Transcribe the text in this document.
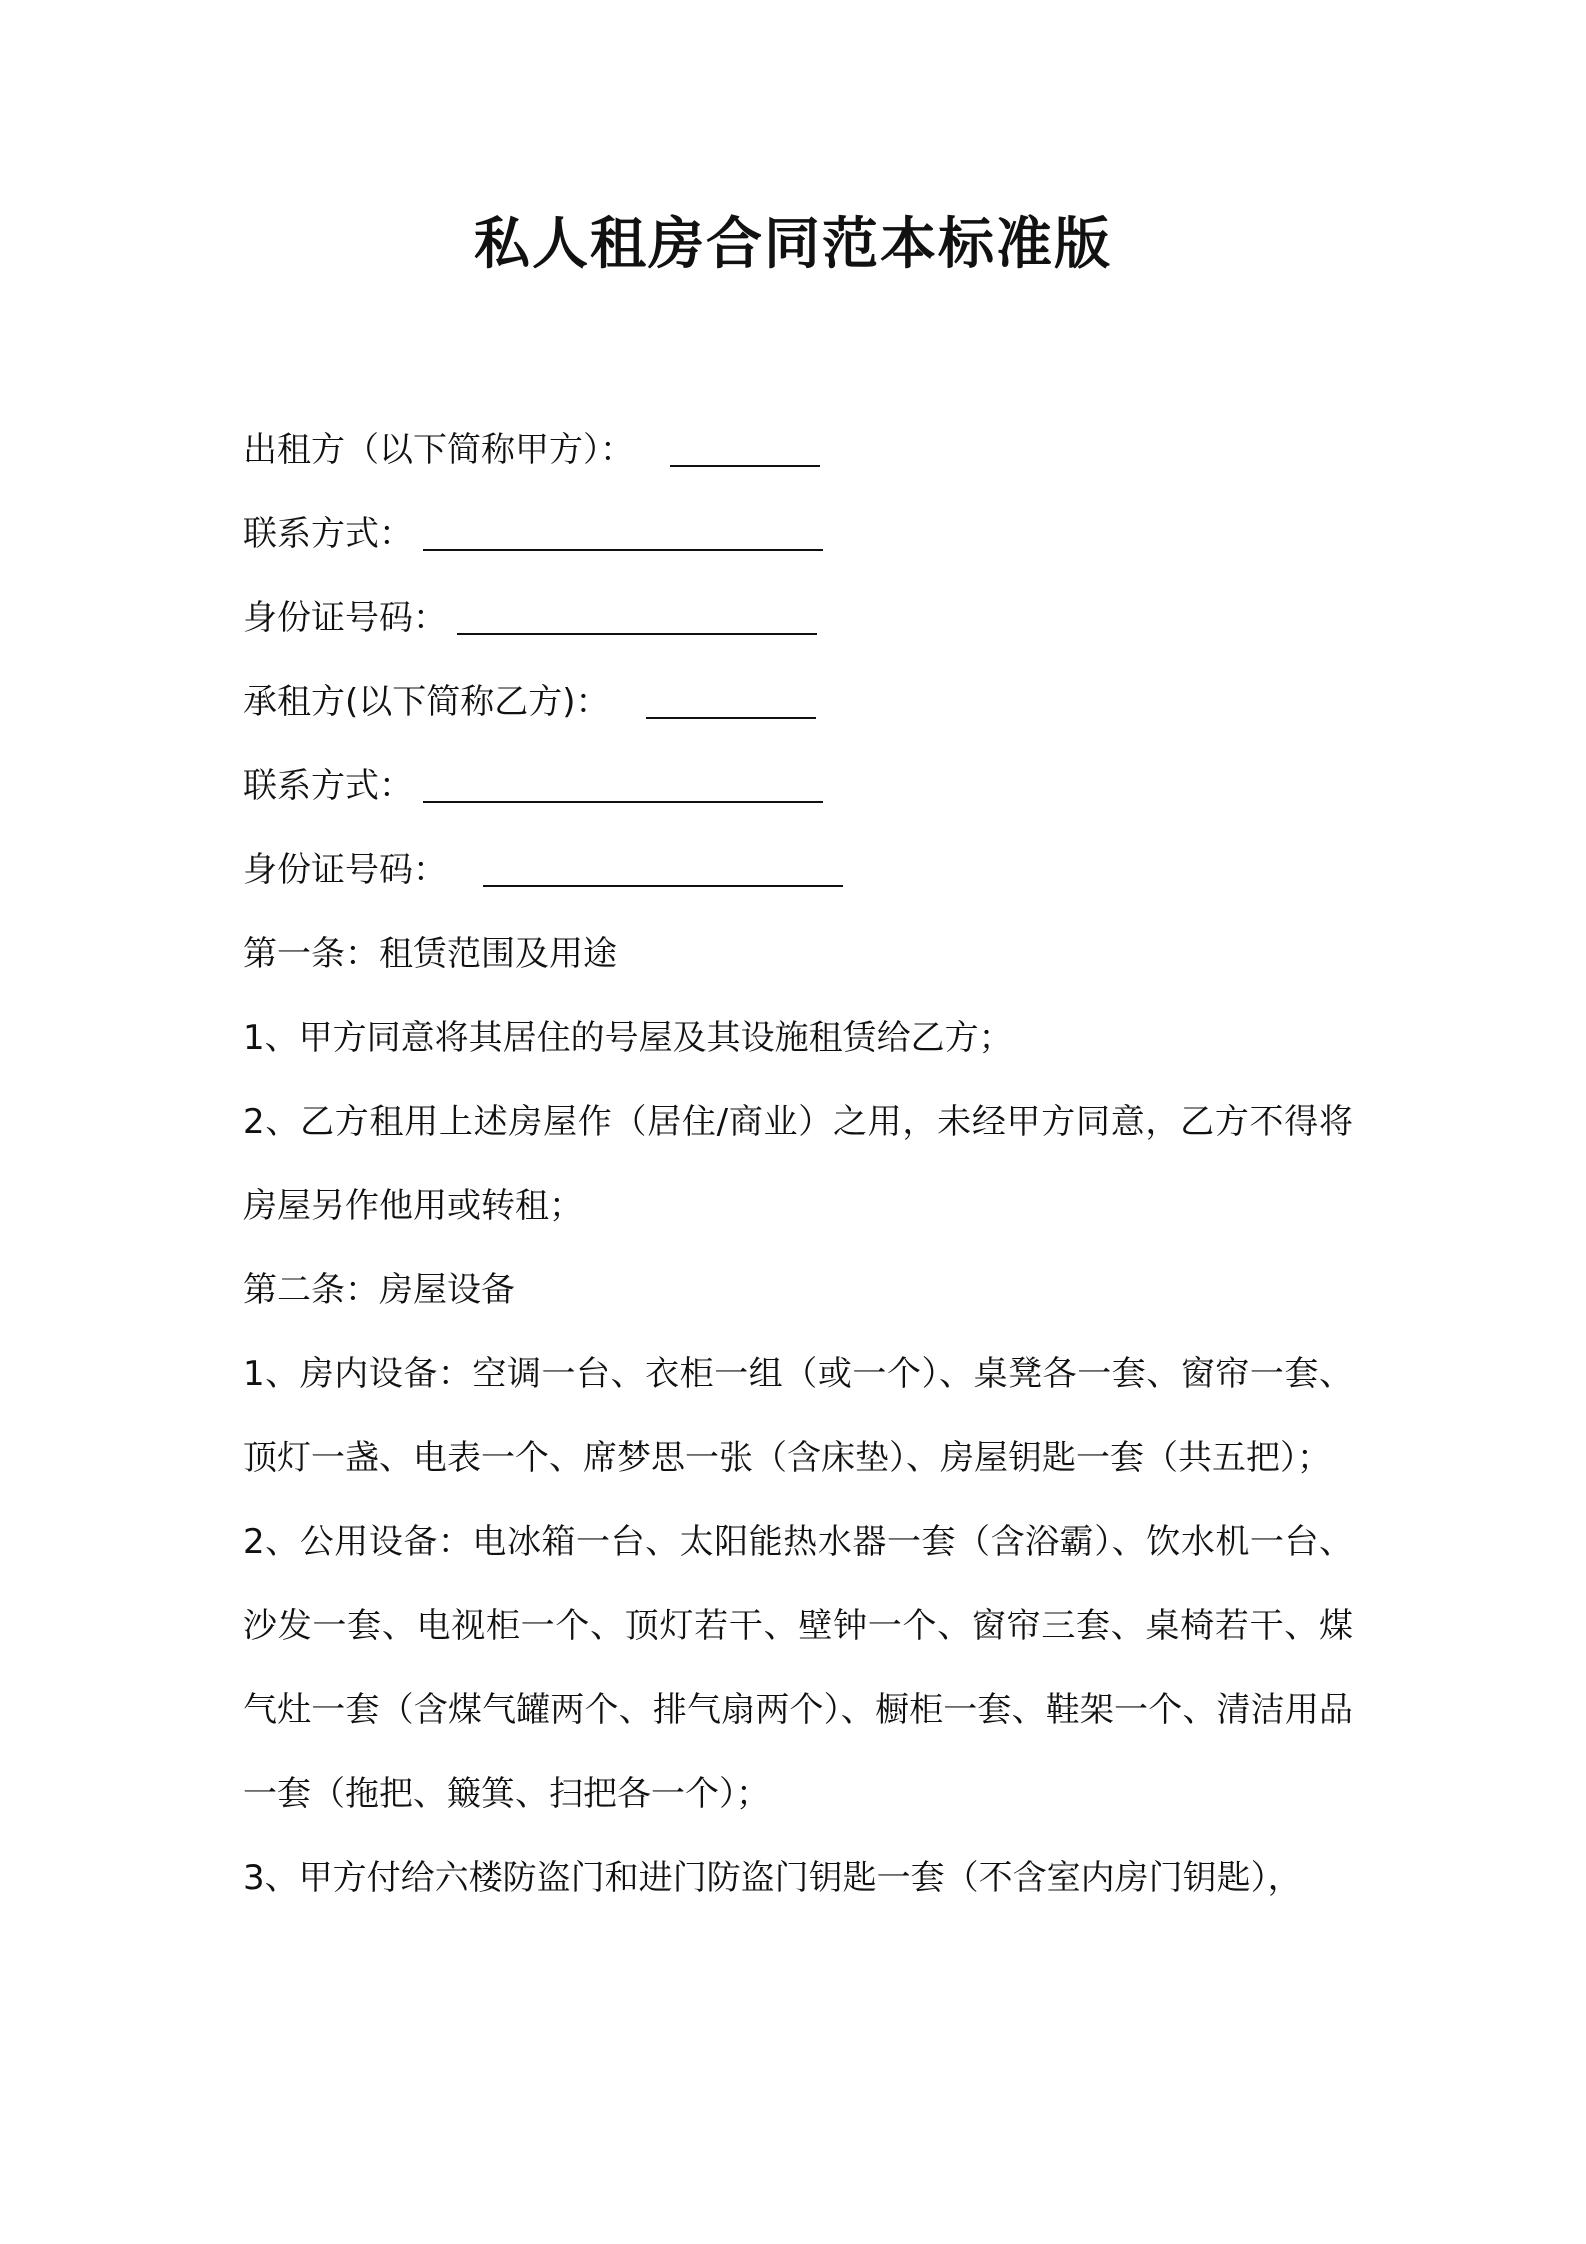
私人租房合同范本标准版
出租方（以下简称甲方）：
联系方式：
身份证号码：
承租方(以下简称乙方)：
联系方式：
身份证号码：
第一条：租赁范围及用途
1、甲方同意将其居住的号屋及其设施租赁给乙方；
2、乙方租用上述房屋作（居住/商业）之用，未经甲方同意，乙方不得将房屋另作他用或转租；
第二条：房屋设备
1、房内设备：空调一台、衣柜一组（或一个）、桌凳各一套、窗帘一套、顶灯一盏、电表一个、席梦思一张（含床垫）、房屋钥匙一套（共五把）；
2、公用设备：电冰箱一台、太阳能热水器一套（含浴霸）、饮水机一台、沙发一套、电视柜一个、顶灯若干、壁钟一个、窗帘三套、桌椅若干、煤气灶一套（含煤气罐两个、排气扇两个）、橱柜一套、鞋架一个、清洁用品一套（拖把、簸箕、扫把各一个）；
3、甲方付给六楼防盗门和进门防盗门钥匙一套（不含室内房门钥匙），
